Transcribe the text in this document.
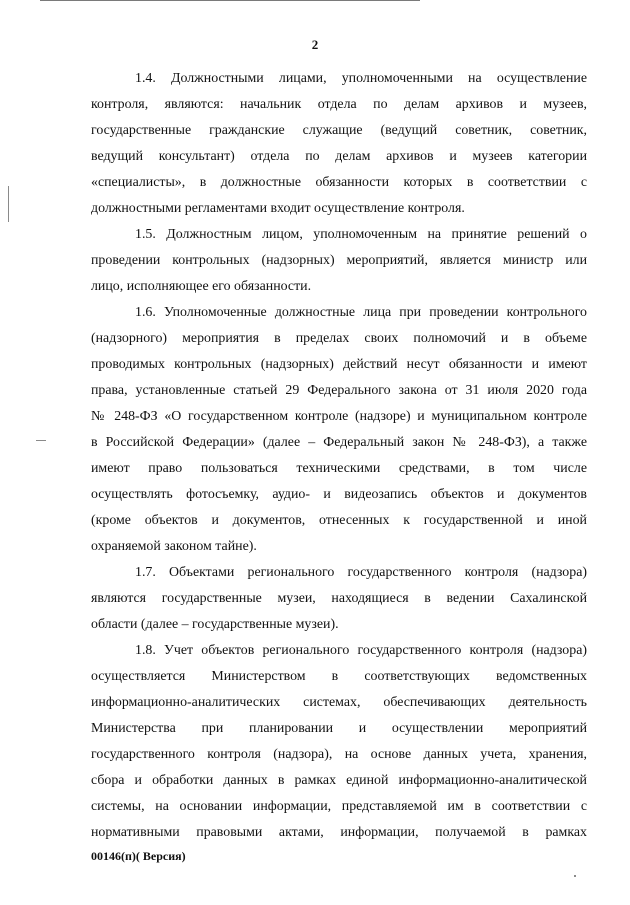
2
1.4. Должностными лицами, уполномоченными на осуществление
контроля, являются: начальник отдела по делам архивов и музеев,
государственные гражданские служащие (ведущий советник, советник,
ведущий консультант) отдела по делам архивов и музеев категории
«специалисты», в должностные обязанности которых в соответствии с
должностными регламентами входит осуществление контроля.
1.5. Должностным лицом, уполномоченным на принятие решений о
проведении контрольных (надзорных) мероприятий, является министр или
лицо, исполняющее его обязанности.
1.6. Уполномоченные должностные лица при проведении контрольного
(надзорного) мероприятия в пределах своих полномочий и в объеме
проводимых контрольных (надзорных) действий несут обязанности и имеют
права, установленные статьей 29 Федерального закона от 31 июля 2020 года
№ 248-ФЗ «О государственном контроле (надзоре) и муниципальном контроле
в Российской Федерации» (далее – Федеральный закон № 248-ФЗ), а также
имеют право пользоваться техническими средствами, в том числе
осуществлять фотосъемку, аудио- и видеозапись объектов и документов
(кроме объектов и документов, отнесенных к государственной и иной
охраняемой законом тайне).
1.7. Объектами регионального государственного контроля (надзора)
являются государственные музеи, находящиеся в ведении Сахалинской
области (далее – государственные музеи).
1.8. Учет объектов регионального государственного контроля (надзора)
осуществляется Министерством в соответствующих ведомственных
информационно-аналитических системах, обеспечивающих деятельность
Министерства при планировании и осуществлении мероприятий
государственного контроля (надзора), на основе данных учета, хранения,
сбора и обработки данных в рамках единой информационно-аналитической
системы, на основании информации, представляемой им в соответствии с
нормативными правовыми актами, информации, получаемой в рамках
00146(п)( Версия)
